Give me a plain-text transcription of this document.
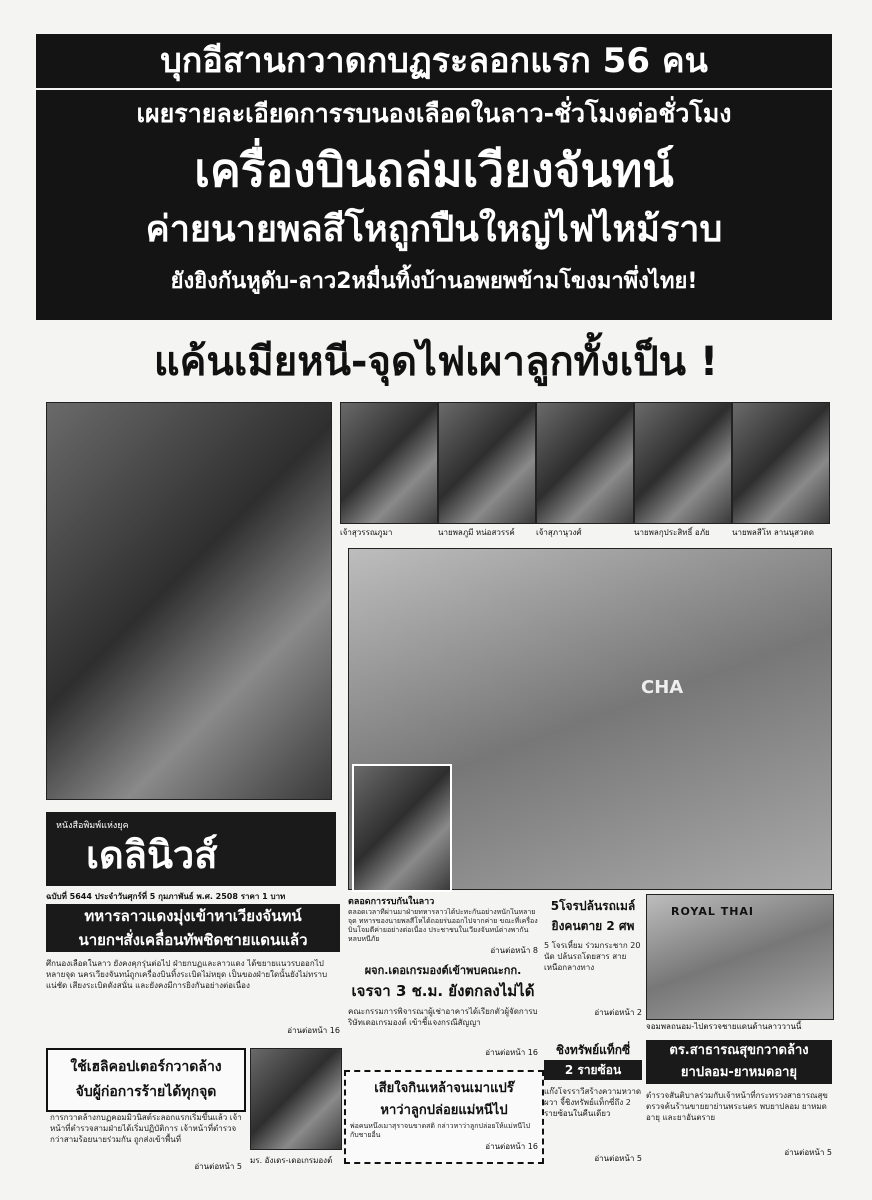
บุกอีสานกวาดกบฏระลอกแรก 56 คน
เผยรายละเอียดการรบนองเลือดในลาว-ชั่วโมงต่อชั่วโมง
เครื่องบินถล่มเวียงจันทน์
ค่ายนายพลสีโหถูกปืนใหญ่ไฟไหม้ราบ
ยังยิงกันหูดับ-ลาว2หมื่นทิ้งบ้านอพยพข้ามโขงมาพึ่งไทย!
แค้นเมียหนี-จุดไฟเผาลูกทั้งเป็น !
เจ้าสุวรรณภูมา	นายพลภูมี หน่อสวรรค์	เจ้าสุภานุวงศ์	นายพลกุประสิทธิ์ อภัย	นายพลสีโห ลานนุสวดด
CHA
หนังสือพิมพ์แห่งยุค
เดลินิวส์
ฉบับที่ 5644 ประจำวันศุกร์ที่ 5 กุมภาพันธ์ พ.ศ. 2508 ราคา 1 บาท
ทหารลาวแดงมุ่งเข้าหาเวียงจันทน์
นายกฯสั่งเคลื่อนทัพชิดชายแดนแล้ว
ศึกนองเลือดในลาว ยังคงคุกรุ่นต่อไป ฝ่ายกบฏและลาวแดง ได้ขยายแนวรบออกไปหลายจุด นครเวียงจันทน์ถูกเครื่องบินทิ้งระเบิดไม่หยุด เป็นของฝ่ายใดนั้นยังไม่ทราบแน่ชัด เสียงระเบิดดังสนั่น และยังคงมีการยิงกันอย่างต่อเนื่อง
อ่านต่อหน้า 16
ใช้เฮลิคอปเตอร์กวาดล้าง
จับผู้ก่อการร้ายได้ทุกจุด
การกวาดล้างกบฏคอมมิวนิสต์ระลอกแรกเริ่มขึ้นแล้ว เจ้าหน้าที่ตำรวจสามฝ่ายได้เริ่มปฏิบัติการ เจ้าหน้าที่ตำรวจกว่าสามร้อยนายร่วมกัน ถูกส่งเข้าพื้นที่
อ่านต่อหน้า 5
มร. อังเดร-เดอเกรมองต์
ตลอดการรบกันในลาว
ตลอดเวลาที่ผ่านมาฝ่ายทหารลาวได้ปะทะกันอย่างหนักในหลายจุด ทหารของนายพลสีโหได้ถอยร่นออกไปจากค่าย ขณะที่เครื่องบินโจมตีค่ายอย่างต่อเนื่อง ประชาชนในเวียงจันทน์ต่างพากันหลบหนีภัย
อ่านต่อหน้า 8
ผจก.เดอเกรมองต์เข้าพบคณะกก.
เจรจา 3 ช.ม. ยังตกลงไม่ได้
คณะกรรมการพิจารณาผู้เช่าอาคารได้เรียกตัวผู้จัดการบริษัทเดอเกรมองต์ เข้าชี้แจงกรณีสัญญา
อ่านต่อหน้า 16
เสียใจกินเหล้าจนเมาแปร๊
หาว่าลูกปล่อยแม่หนีไป
พ่อคนหนึ่งเมาสุราจนขาดสติ กล่าวหาว่าลูกปล่อยให้แม่หนีไปกับชายอื่น
อ่านต่อหน้า 16
5โจรปล้นรถเมล์
ยิงคนตาย 2 ศพ
5 โจรเหี้ยม ร่วมกระชาก 20 นัด ปล้นรถโดยสาร สายเหนือกลางทาง
อ่านต่อหน้า 2
ROYAL THAI
จอมพลถนอม-ไปตรวจชายแดนด้านลาววานนี้
ชิงทรัพย์แท็กซี่
2 รายซ้อน
แก๊งโจรราวีสร้างความหวาดผวา จี้ชิงทรัพย์แท็กซี่ถึง 2 รายซ้อนในคืนเดียว
อ่านต่อหน้า 5
ตร.สาธารณสุขกวาดล้าง
ยาปลอม-ยาหมดอายุ
ตำรวจสันติบาลร่วมกับเจ้าหน้าที่กระทรวงสาธารณสุข ตรวจค้นร้านขายยาย่านพระนคร พบยาปลอม ยาหมดอายุ และยาอันตราย
อ่านต่อหน้า 5
